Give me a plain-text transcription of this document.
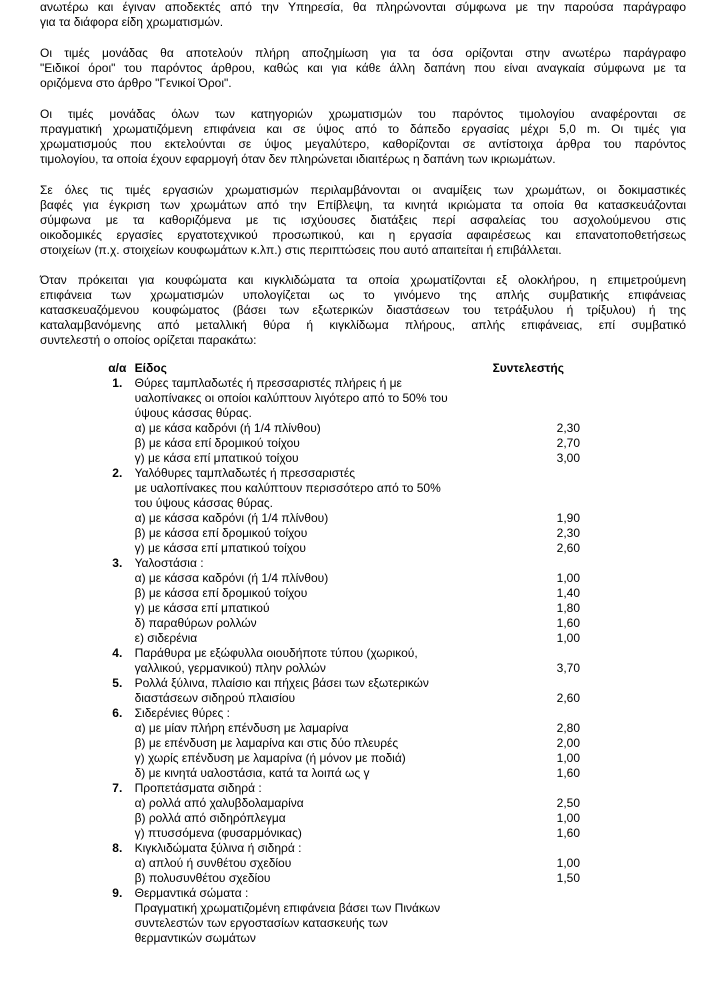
ανωτέρω και έγιναν αποδεκτές από την Υπηρεσία, θα πληρώνονται σύμφωνα με την παρούσα παράγραφο
για τα διάφορα είδη χρωματισμών.
Οι τιμές μονάδας θα αποτελούν πλήρη αποζημίωση για τα όσα ορίζονται στην ανωτέρω παράγραφο
"Ειδικοί όροι" του παρόντος άρθρου, καθώς και για κάθε άλλη δαπάνη που είναι αναγκαία σύμφωνα με τα
οριζόμενα στο άρθρο "Γενικοί Όροι".
Οι τιμές μονάδας όλων των κατηγοριών χρωματισμών του παρόντος τιμολογίου αναφέρονται σε
πραγματική χρωματιζόμενη επιφάνεια και σε ύψος από το δάπεδο εργασίας μέχρι 5,0 m. Οι τιμές για
χρωματισμούς που εκτελούνται σε ύψος μεγαλύτερο, καθορίζονται σε αντίστοιχα άρθρα του παρόντος
τιμολογίου, τα οποία έχουν εφαρμογή όταν δεν πληρώνεται ιδιαιτέρως η δαπάνη των ικριωμάτων.
Σε όλες τις τιμές εργασιών χρωματισμών περιλαμβάνονται οι αναμίξεις των χρωμάτων, οι δοκιμαστικές
βαφές για έγκριση των χρωμάτων από την Επίβλεψη, τα κινητά ικριώματα τα οποία θα κατασκευάζονται
σύμφωνα με τα καθοριζόμενα με τις ισχύουσες διατάξεις περί ασφαλείας του ασχολούμενου στις
οικοδομικές εργασίες εργατοτεχνικού προσωπικού, και η εργασία αφαιρέσεως και επανατοποθετήσεως
στοιχείων (π.χ. στοιχείων κουφωμάτων κ.λπ.) στις περιπτώσεις που αυτό απαιτείται ή επιβάλλεται.
Όταν πρόκειται για κουφώματα και κιγκλιδώματα τα οποία χρωματίζονται εξ ολοκλήρου, η επιμετρούμενη
επιφάνεια των χρωματισμών υπολογίζεται ως το γινόμενο της απλής συμβατικής επιφάνειας
κατασκευαζόμενου κουφώματος (βάσει των εξωτερικών διαστάσεων του τετράξυλου ή τρίξυλου) ή της
καταλαμβανόμενης από μεταλλική θύρα ή κιγκλίδωμα πλήρους, απλής επιφάνειας, επί συμβατικό
συντελεστή ο οποίος ορίζεται παρακάτω:
α/α	Είδος	Συντελεστής
1.	Θύρες ταμπλαδωτές ή πρεσσαριστές πλήρεις ή με	
	υαλοπίνακες οι οποίοι καλύπτουν λιγότερο από το 50% του	
	ύψους κάσσας θύρας.	
	α) με κάσα καδρόνι (ή 1/4 πλίνθου)	2,30
	β) με κάσα επί δρομικού τοίχου	2,70
	γ) με κάσα επί μπατικού τοίχου	3,00
2.	Υαλόθυρες ταμπλαδωτές ή πρεσσαριστές	
	με υαλοπίνακες που καλύπτουν περισσότερο από το 50%	
	του ύψους κάσσας θύρας.	
	α) με κάσσα καδρόνι (ή 1/4 πλίνθου)	1,90
	β) με κάσσα επί δρομικού τοίχου	2,30
	γ) με κάσσα επί μπατικού τοίχου	2,60
3.	Υαλοστάσια :	
	α) με κάσσα καδρόνι (ή 1/4 πλίνθου)	1,00
	β) με κάσσα επί δρομικού τοίχου	1,40
	γ) με κάσσα επί μπατικού	1,80
	δ) παραθύρων ρολλών	1,60
	ε) σιδερένια	1,00
4.	Παράθυρα με εξώφυλλα οιουδήποτε τύπου (χωρικού,	
	γαλλικού, γερμανικού) πλην ρολλών	3,70
5.	Ρολλά ξύλινα, πλαίσιο και πήχεις βάσει των εξωτερικών	
	διαστάσεων σιδηρού πλαισίου	2,60
6.	Σιδερένιες θύρες :	
	α) με μίαν πλήρη επένδυση με λαμαρίνα	2,80
	β) με επένδυση με λαμαρίνα και στις δύο πλευρές	2,00
	γ) χωρίς επένδυση με λαμαρίνα (ή μόνον με ποδιά)	1,00
	δ) με κινητά υαλοστάσια, κατά τα λοιπά ως γ	1,60
7.	Προπετάσματα σιδηρά :	
	α) ρολλά από χαλυβδολαμαρίνα	2,50
	β) ρολλά από σιδηρόπλεγμα	1,00
	γ) πτυσσόμενα (φυσαρμόνικας)	1,60
8.	Κιγκλιδώματα ξύλινα ή σιδηρά :	
	α) απλού ή συνθέτου σχεδίου	1,00
	β) πολυσυνθέτου σχεδίου	1,50
9.	Θερμαντικά σώματα :	
	Πραγματική χρωματιζομένη επιφάνεια βάσει των Πινάκων	
	συντελεστών των εργοστασίων κατασκευής των	
	θερμαντικών σωμάτων	
